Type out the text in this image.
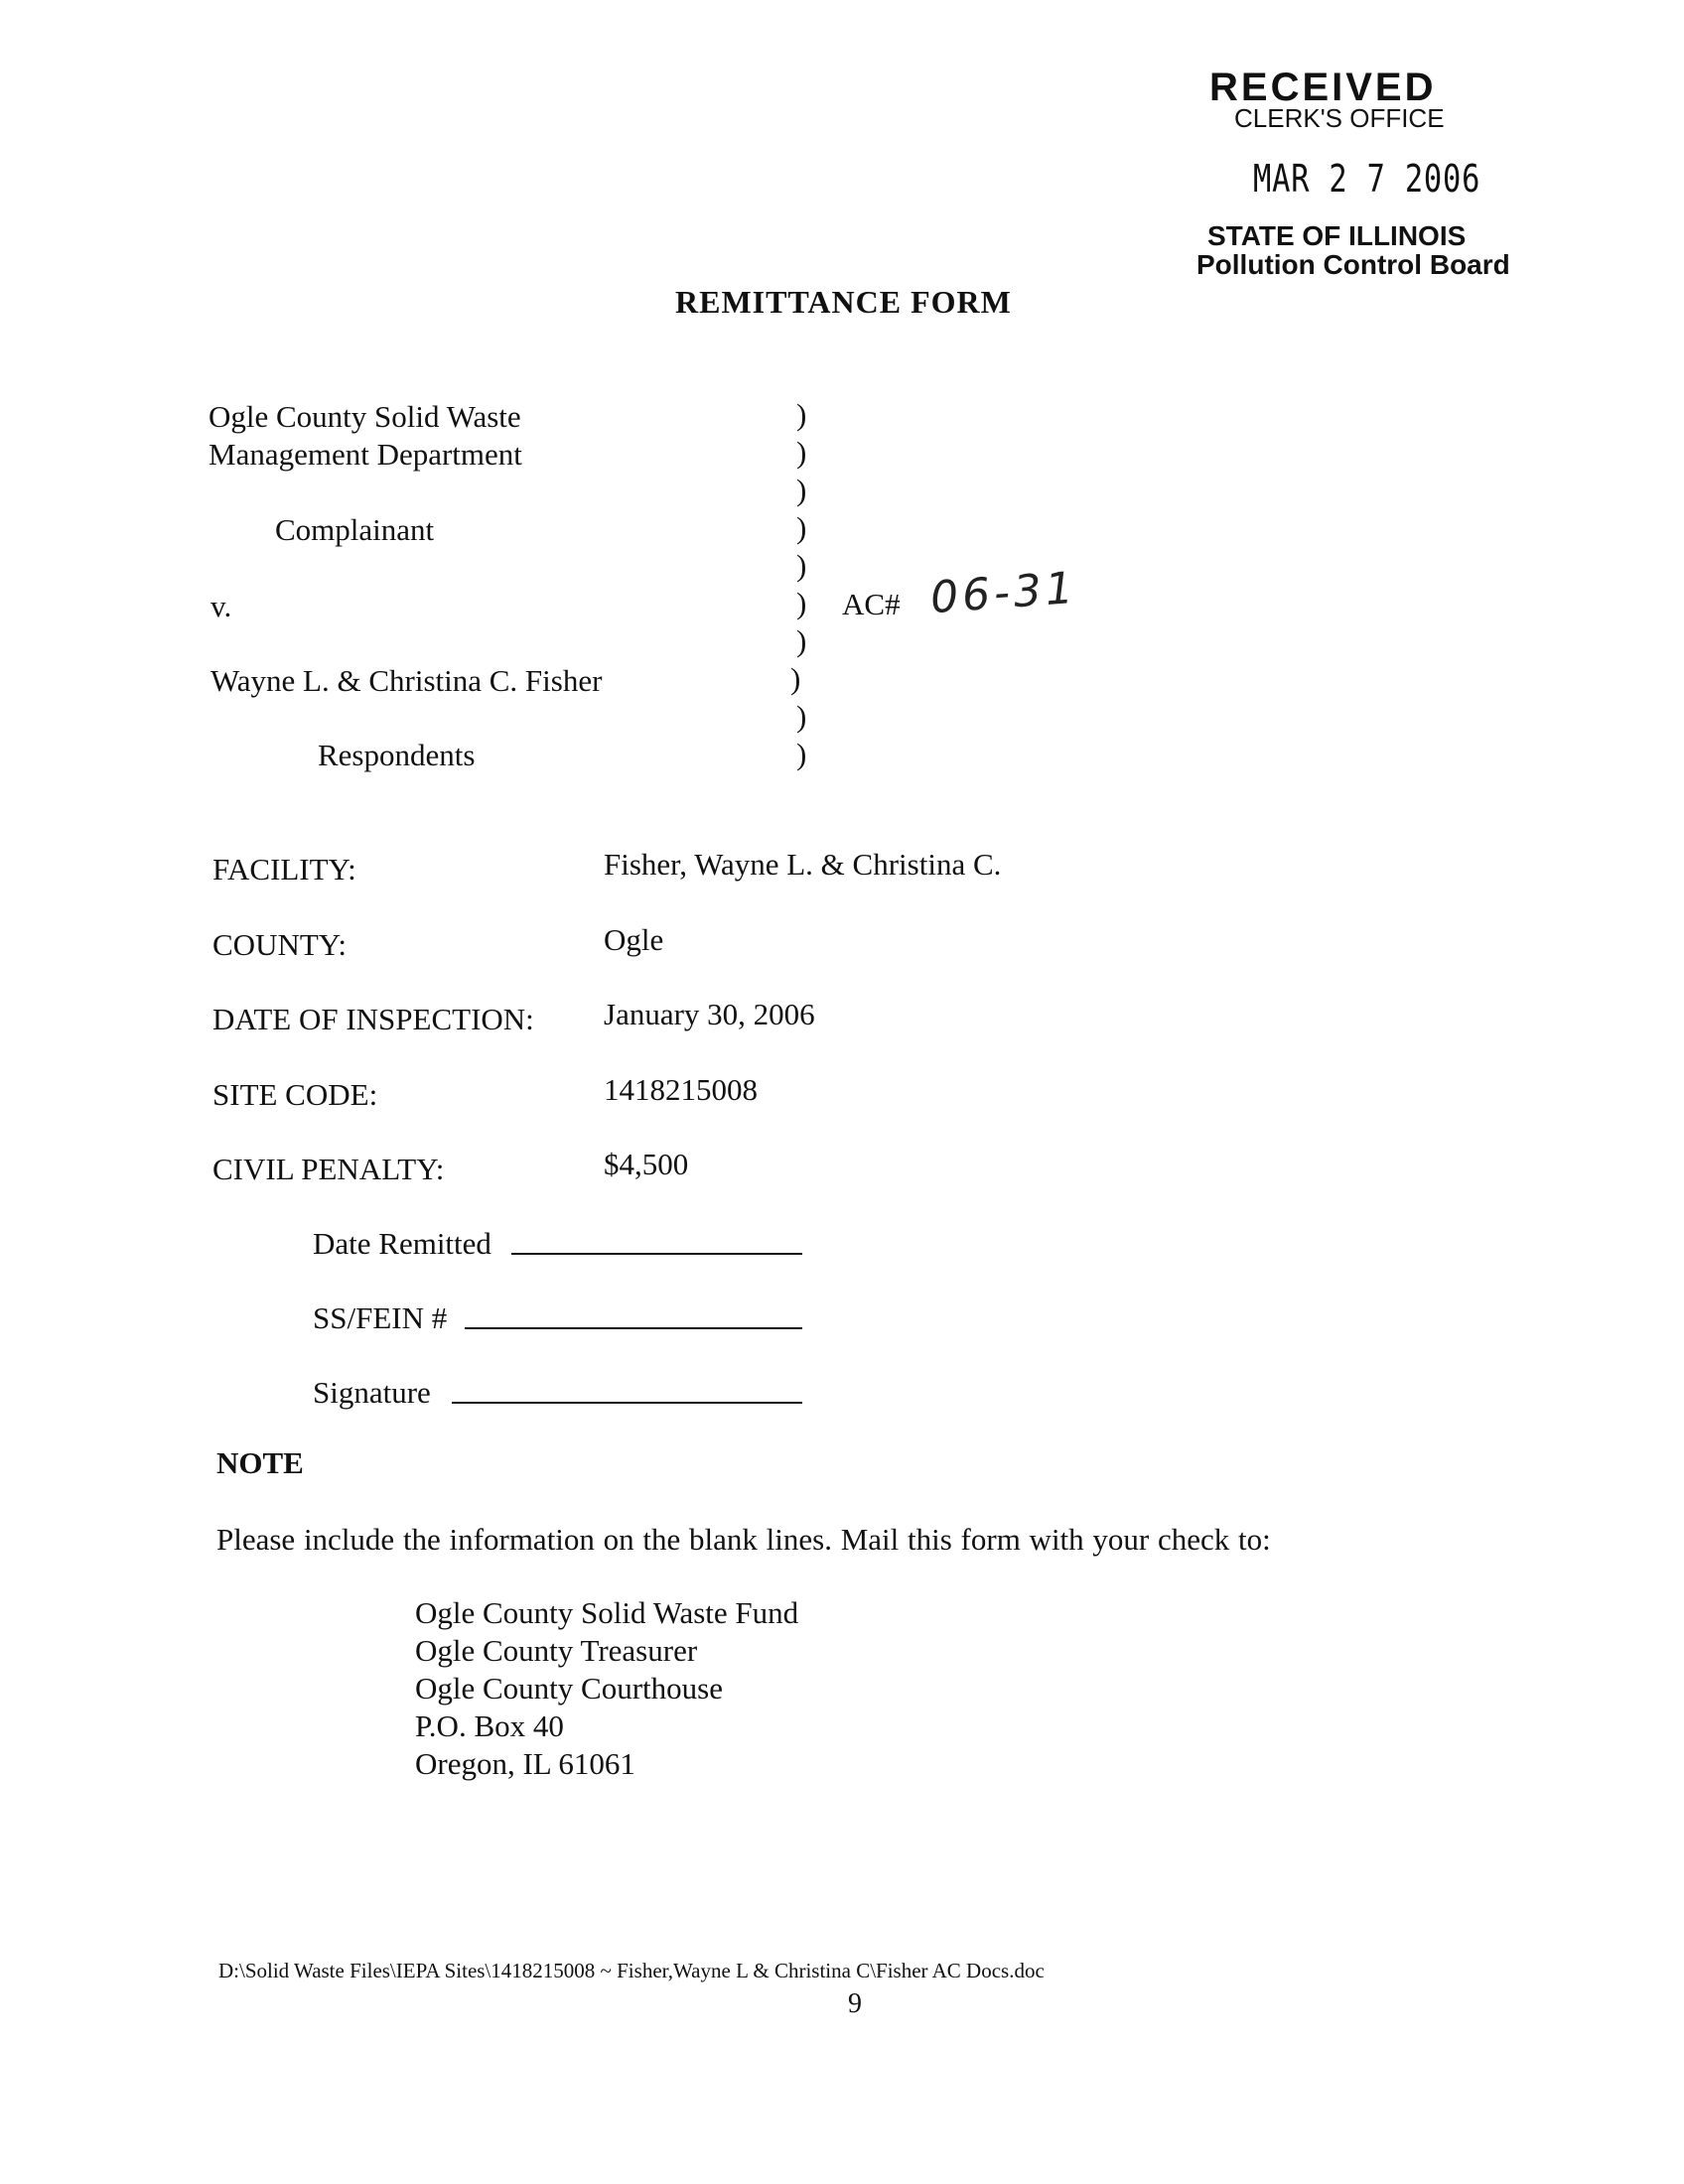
RECEIVED
CLERK'S OFFICE
MAR 2 7 2006
STATE OF ILLINOIS
Pollution Control Board
REMITTANCE FORM
Ogle County Solid Waste
Management Department
Complainant
v.
Wayne L. & Christina C. Fisher
Respondents
)
)
)
)
)
)
)
)
)
)
AC# 06-31
FACILITY:	Fisher, Wayne L. & Christina C.
COUNTY:	Ogle
DATE OF INSPECTION: January 30, 2006
SITE CODE:	1418215008
CIVIL PENALTY:	$4,500
Date Remitted
SS/FEIN #
Signature
NOTE
Please include the information on the blank lines. Mail this form with your check to:
Ogle County Solid Waste Fund
Ogle County Treasurer
Ogle County Courthouse
P.O. Box 40
Oregon, IL 61061
D:\Solid Waste Files\IEPA Sites\1418215008 ~ Fisher,Wayne L & Christina C\Fisher AC Docs.doc
9
